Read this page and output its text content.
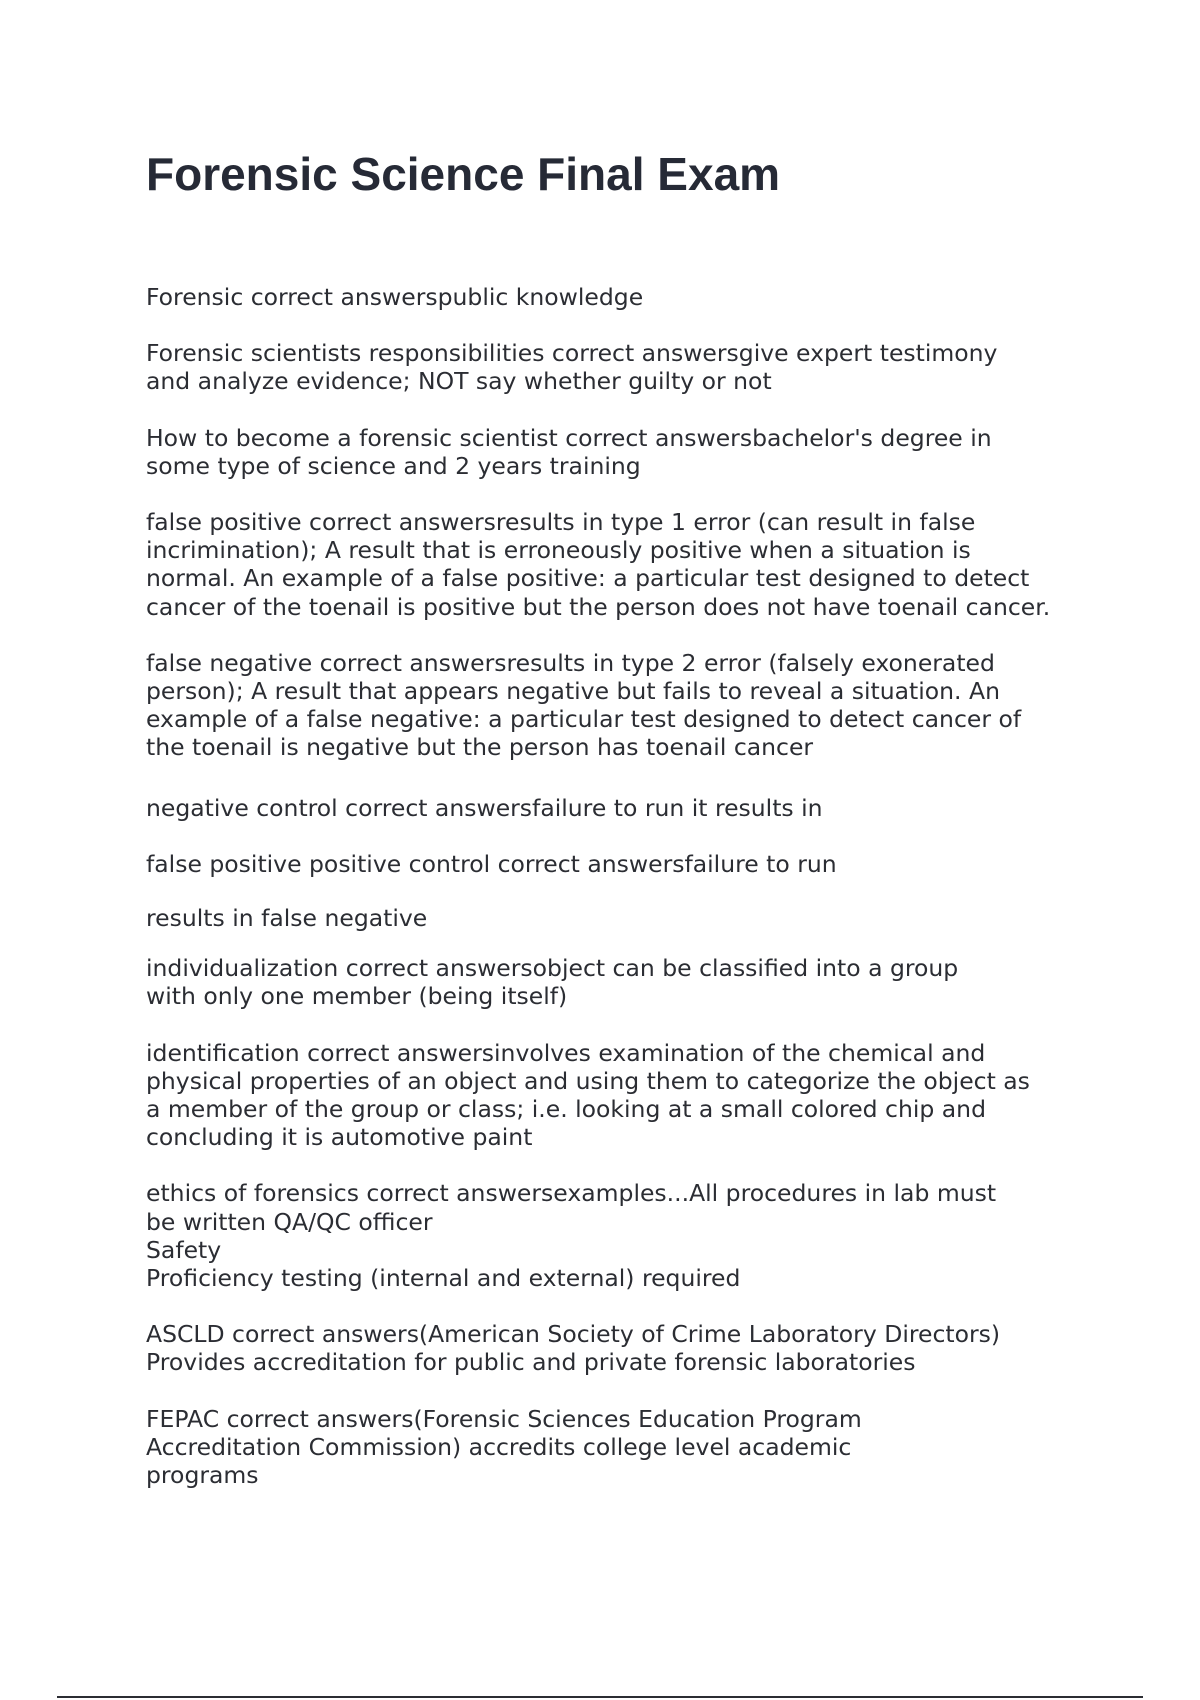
Forensic Science Final Exam

Forensic correct answerspublic knowledge

Forensic scientists responsibilities correct answersgive expert testimony
and analyze evidence; NOT say whether guilty or not

How to become a forensic scientist correct answersbachelor's degree in
some type of science and 2 years training

false positive correct answersresults in type 1 error (can result in false
incrimination); A result that is erroneously positive when a situation is
normal. An example of a false positive: a particular test designed to detect
cancer of the toenail is positive but the person does not have toenail cancer.

false negative correct answersresults in type 2 error (falsely exonerated
person); A result that appears negative but fails to reveal a situation. An
example of a false negative: a particular test designed to detect cancer of
the toenail is negative but the person has toenail cancer

negative control correct answersfailure to run it results in

false positive positive control correct answersfailure to run

results in false negative

individualization correct answersobject can be classified into a group
with only one member (being itself)

identification correct answersinvolves examination of the chemical and
physical properties of an object and using them to categorize the object as
a member of the group or class; i.e. looking at a small colored chip and
concluding it is automotive paint

ethics of forensics correct answersexamples...All procedures in lab must
be written QA/QC officer
Safety
Proficiency testing (internal and external) required

ASCLD correct answers(American Society of Crime Laboratory Directors)
Provides accreditation for public and private forensic laboratories

FEPAC correct answers(Forensic Sciences Education Program
Accreditation Commission) accredits college level academic
programs
